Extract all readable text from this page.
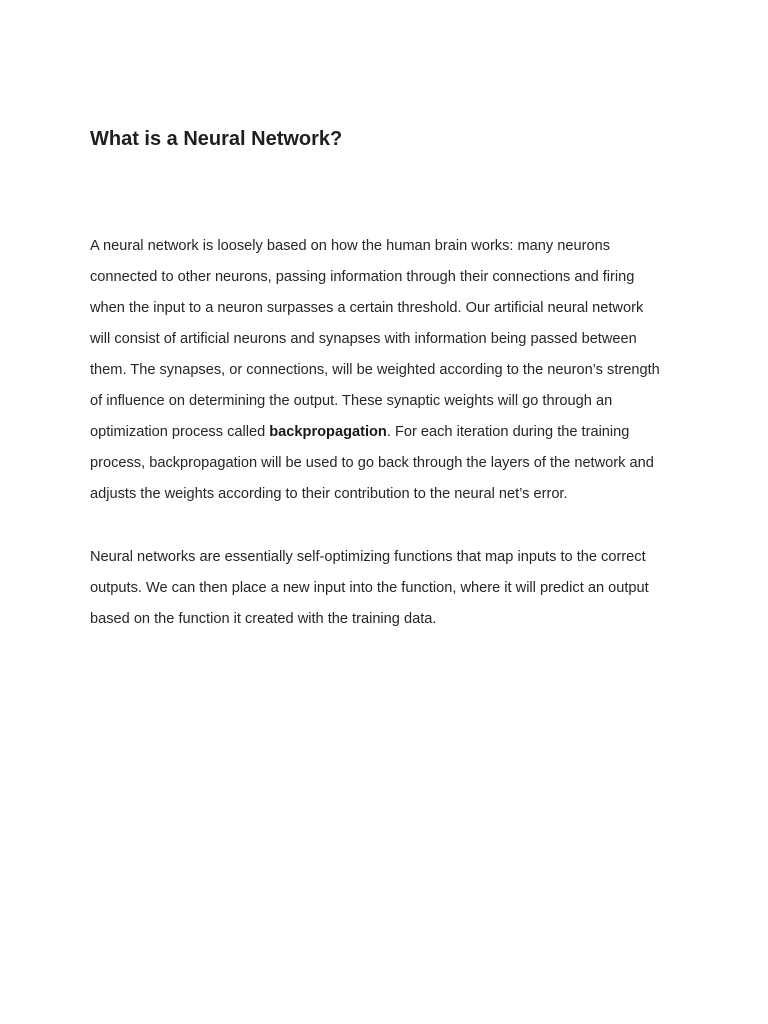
What is a Neural Network?

A neural network is loosely based on how the human brain works: many neurons
connected to other neurons, passing information through their connections and firing
when the input to a neuron surpasses a certain threshold. Our artificial neural network
will consist of artificial neurons and synapses with information being passed between
them. The synapses, or connections, will be weighted according to the neuron’s strength
of influence on determining the output. These synaptic weights will go through an
optimization process called backpropagation. For each iteration during the training
process, backpropagation will be used to go back through the layers of the network and
adjusts the weights according to their contribution to the neural net’s error.

Neural networks are essentially self-optimizing functions that map inputs to the correct
outputs. We can then place a new input into the function, where it will predict an output
based on the function it created with the training data.
